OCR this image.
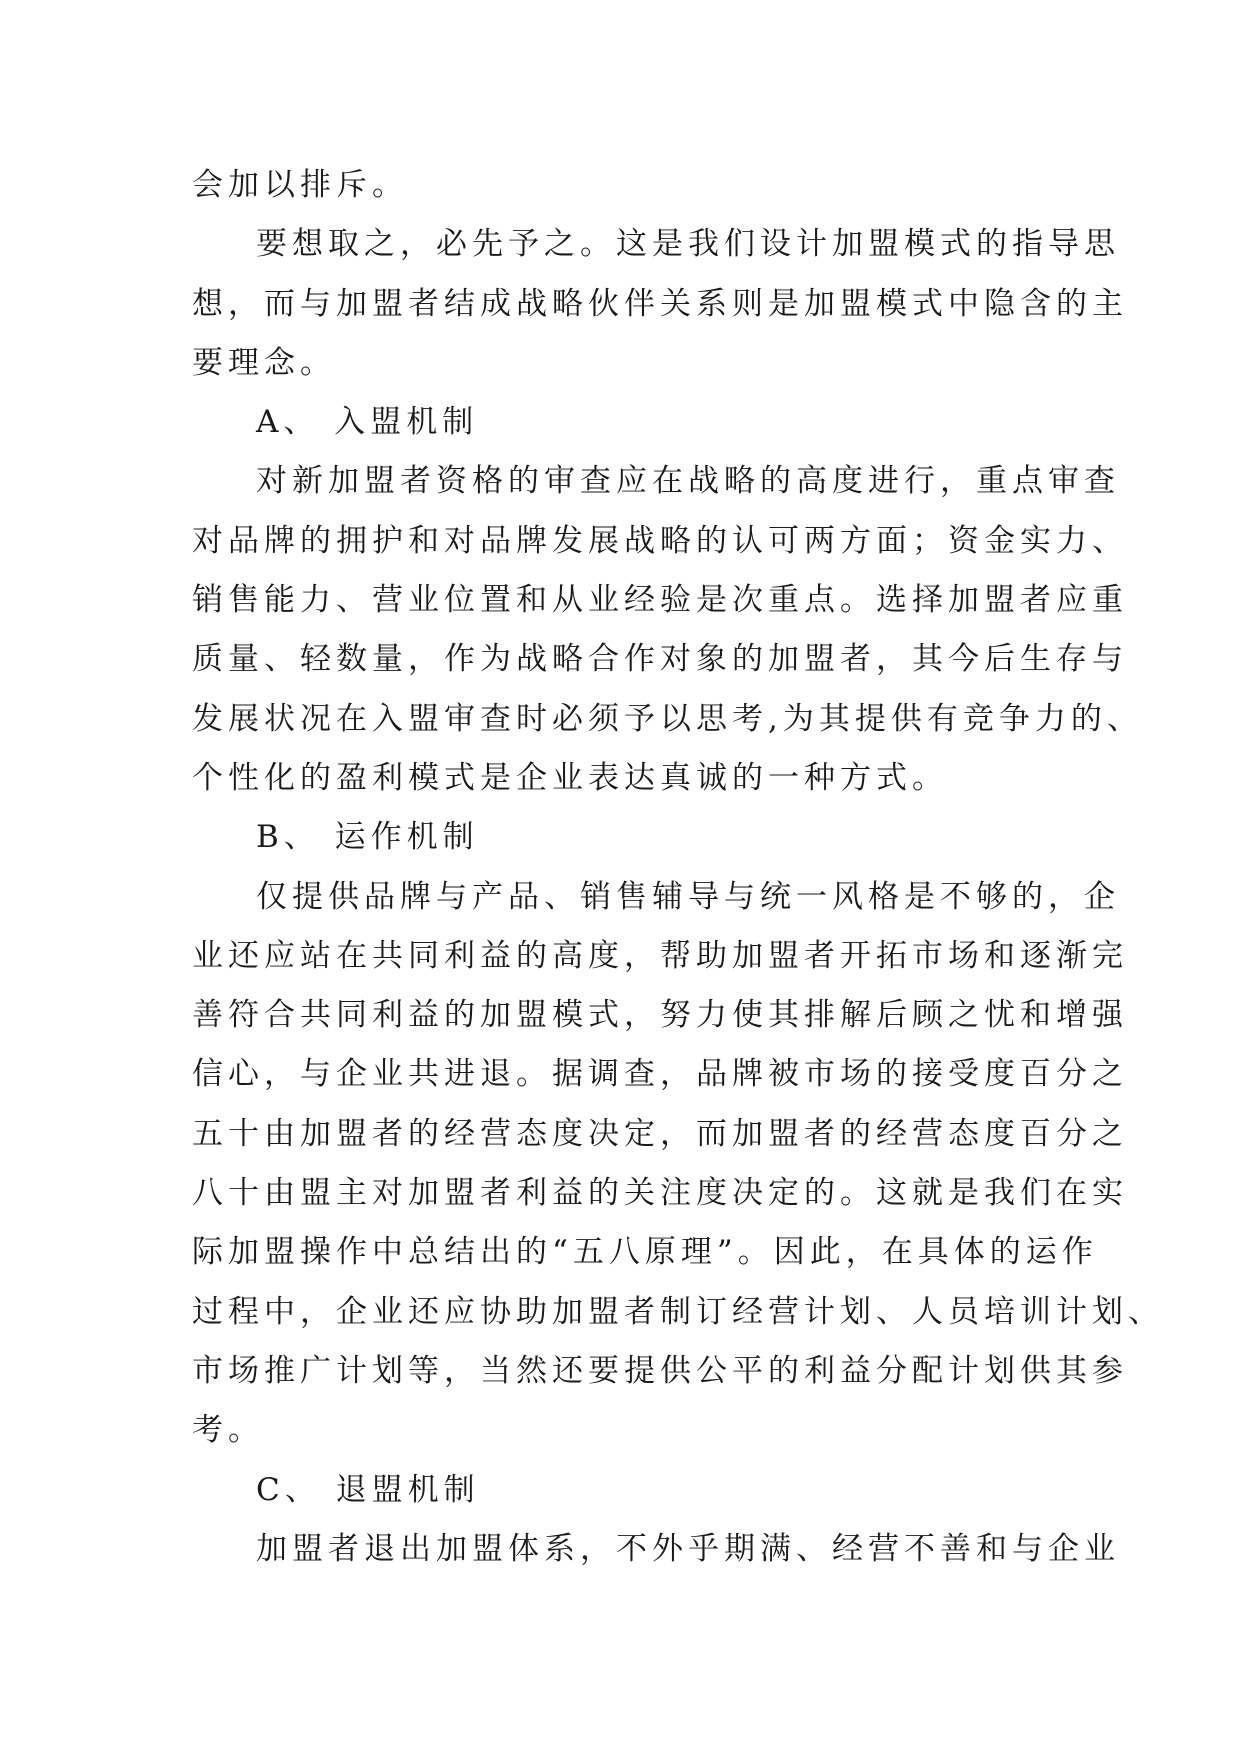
会加以排斥。
要想取之，必先予之。这是我们设计加盟模式的指导思
想，而与加盟者结成战略伙伴关系则是加盟模式中隐含的主
要理念。
A、 入盟机制
对新加盟者资格的审查应在战略的高度进行，重点审查
对品牌的拥护和对品牌发展战略的认可两方面；资金实力、
销售能力、营业位置和从业经验是次重点。选择加盟者应重
质量、轻数量，作为战略合作对象的加盟者，其今后生存与
发展状况在入盟审查时必须予以思考,为其提供有竞争力的、
个性化的盈利模式是企业表达真诚的一种方式。
B、 运作机制
仅提供品牌与产品、销售辅导与统一风格是不够的，企
业还应站在共同利益的高度，帮助加盟者开拓市场和逐渐完
善符合共同利益的加盟模式，努力使其排解后顾之忧和增强
信心，与企业共进退。据调查，品牌被市场的接受度百分之
五十由加盟者的经营态度决定，而加盟者的经营态度百分之
八十由盟主对加盟者利益的关注度决定的。这就是我们在实
际加盟操作中总结出的“五八原理”。因此，在具体的运作
过程中，企业还应协助加盟者制订经营计划、人员培训计划、
市场推广计划等，当然还要提供公平的利益分配计划供其参
考。
C、 退盟机制
加盟者退出加盟体系，不外乎期满、经营不善和与企业
